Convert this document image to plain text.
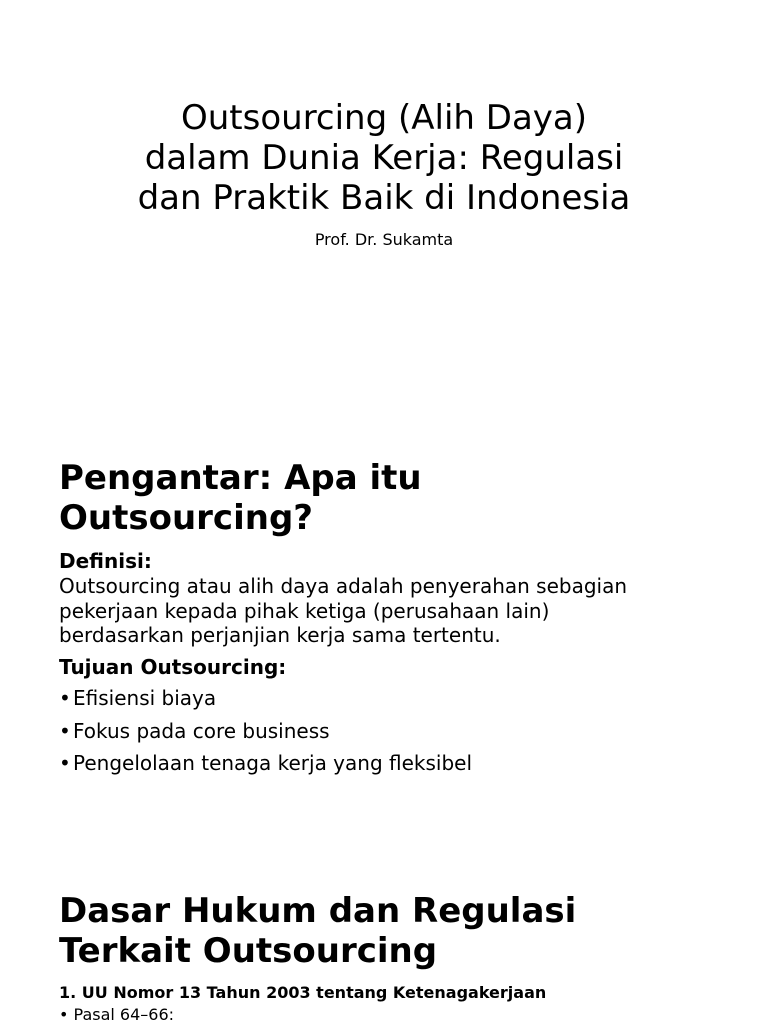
Outsourcing (Alih Daya)
dalam Dunia Kerja: Regulasi
dan Praktik Baik di Indonesia
Prof. Dr. Sukamta
Pengantar: Apa itu
Outsourcing?
Definisi:
Outsourcing atau alih daya adalah penyerahan sebagian
pekerjaan kepada pihak ketiga (perusahaan lain)
berdasarkan perjanjian kerja sama tertentu.
Tujuan Outsourcing:
• Efisiensi biaya
• Fokus pada core business
• Pengelolaan tenaga kerja yang fleksibel
Dasar Hukum dan Regulasi
Terkait Outsourcing
1. UU Nomor 13 Tahun 2003 tentang Ketenagakerjaan
• Pasal 64–66:
